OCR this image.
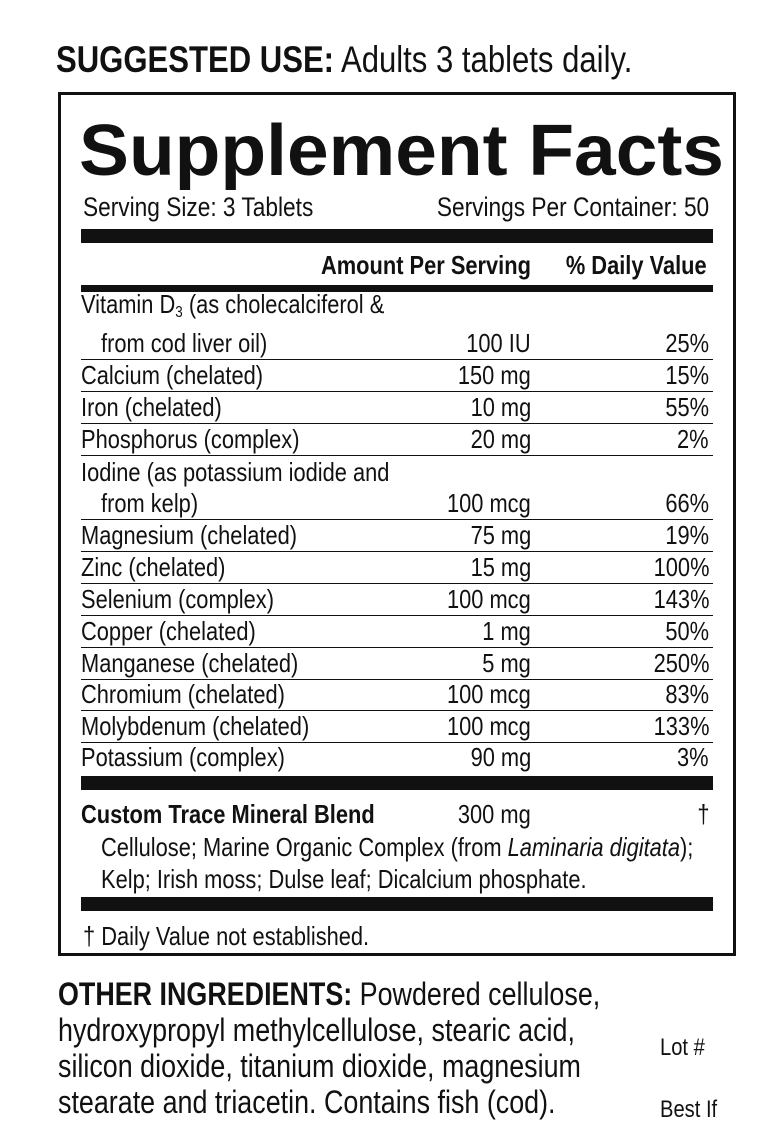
SUGGESTED USE: Adults 3 tablets daily.
Supplement Facts
Serving Size: 3 Tablets	Servings Per Container: 50
Amount Per Serving	% Daily Value
Vitamin $D_3$ (as cholecalciferol &
from cod liver oil)	100 IU	25%
Calcium (chelated)	150 mg	15%
Iron (chelated)	10 mg	55%
Phosphorus (complex)	20 mg	2%
Iodine (as potassium iodide and
from kelp)	100 mcg	66%
Magnesium (chelated)	75 mg	19%
Zinc (chelated)	15 mg	100%
Selenium (complex)	100 mcg	143%
Copper (chelated)	1 mg	50%
Manganese (chelated)	5 mg	250%
Chromium (chelated)	100 mcg	83%
Molybdenum (chelated)	100 mcg	133%
Potassium (complex)	90 mg	3%
Custom Trace Mineral Blend	300 mg	†
Cellulose; Marine Organic Complex (from Laminaria digitata);
Kelp; Irish moss; Dulse leaf; Dicalcium phosphate.
† Daily Value not established.
OTHER INGREDIENTS: Powdered cellulose,
hydroxypropyl methylcellulose, stearic acid,
silicon dioxide, titanium dioxide, magnesium
stearate and triacetin. Contains fish (cod).
Lot #
Best If
